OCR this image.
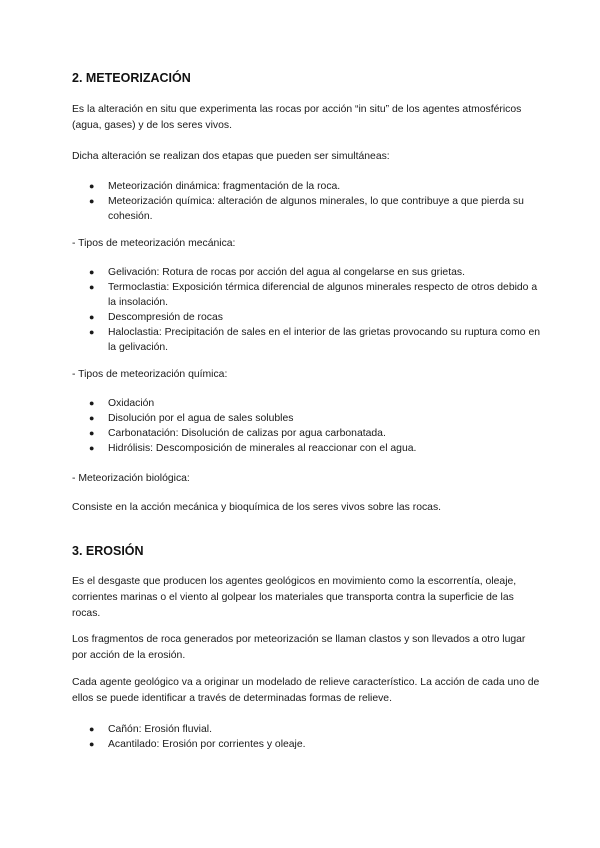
2. METEORIZACIÓN

Es la alteración en situ que experimenta las rocas por acción “in situ” de los agentes atmosféricos (agua, gases) y de los seres vivos.

Dicha alteración se realizan dos etapas que pueden ser simultáneas:

● Meteorización dinámica: fragmentación de la roca.
● Meteorización química: alteración de algunos minerales, lo que contribuye a que pierda su cohesión.

- Tipos de meteorización mecánica:

● Gelivación: Rotura de rocas por acción del agua al congelarse en sus grietas.
● Termoclastia: Exposición térmica diferencial de algunos minerales respecto de otros debido a la insolación.
● Descompresión de rocas
● Haloclastia: Precipitación de sales en el interior de las grietas provocando su ruptura como en la gelivación.

- Tipos de meteorización química:

● Oxidación
● Disolución por el agua de sales solubles
● Carbonatación: Disolución de calizas por agua carbonatada.
● Hidrólisis: Descomposición de minerales al reaccionar con el agua.

- Meteorización biológica:

Consiste en la acción mecánica y bioquímica de los seres vivos sobre las rocas.

3. EROSIÓN

Es el desgaste que producen los agentes geológicos en movimiento como la escorrentía, oleaje, corrientes marinas o el viento al golpear los materiales que transporta contra la superficie de las rocas.

Los fragmentos de roca generados por meteorización se llaman clastos y son llevados a otro lugar por acción de la erosión.

Cada agente geológico va a originar un modelado de relieve característico. La acción de cada uno de ellos se puede identificar a través de determinadas formas de relieve.

● Cañón: Erosión fluvial.
● Acantilado: Erosión por corrientes y oleaje.
